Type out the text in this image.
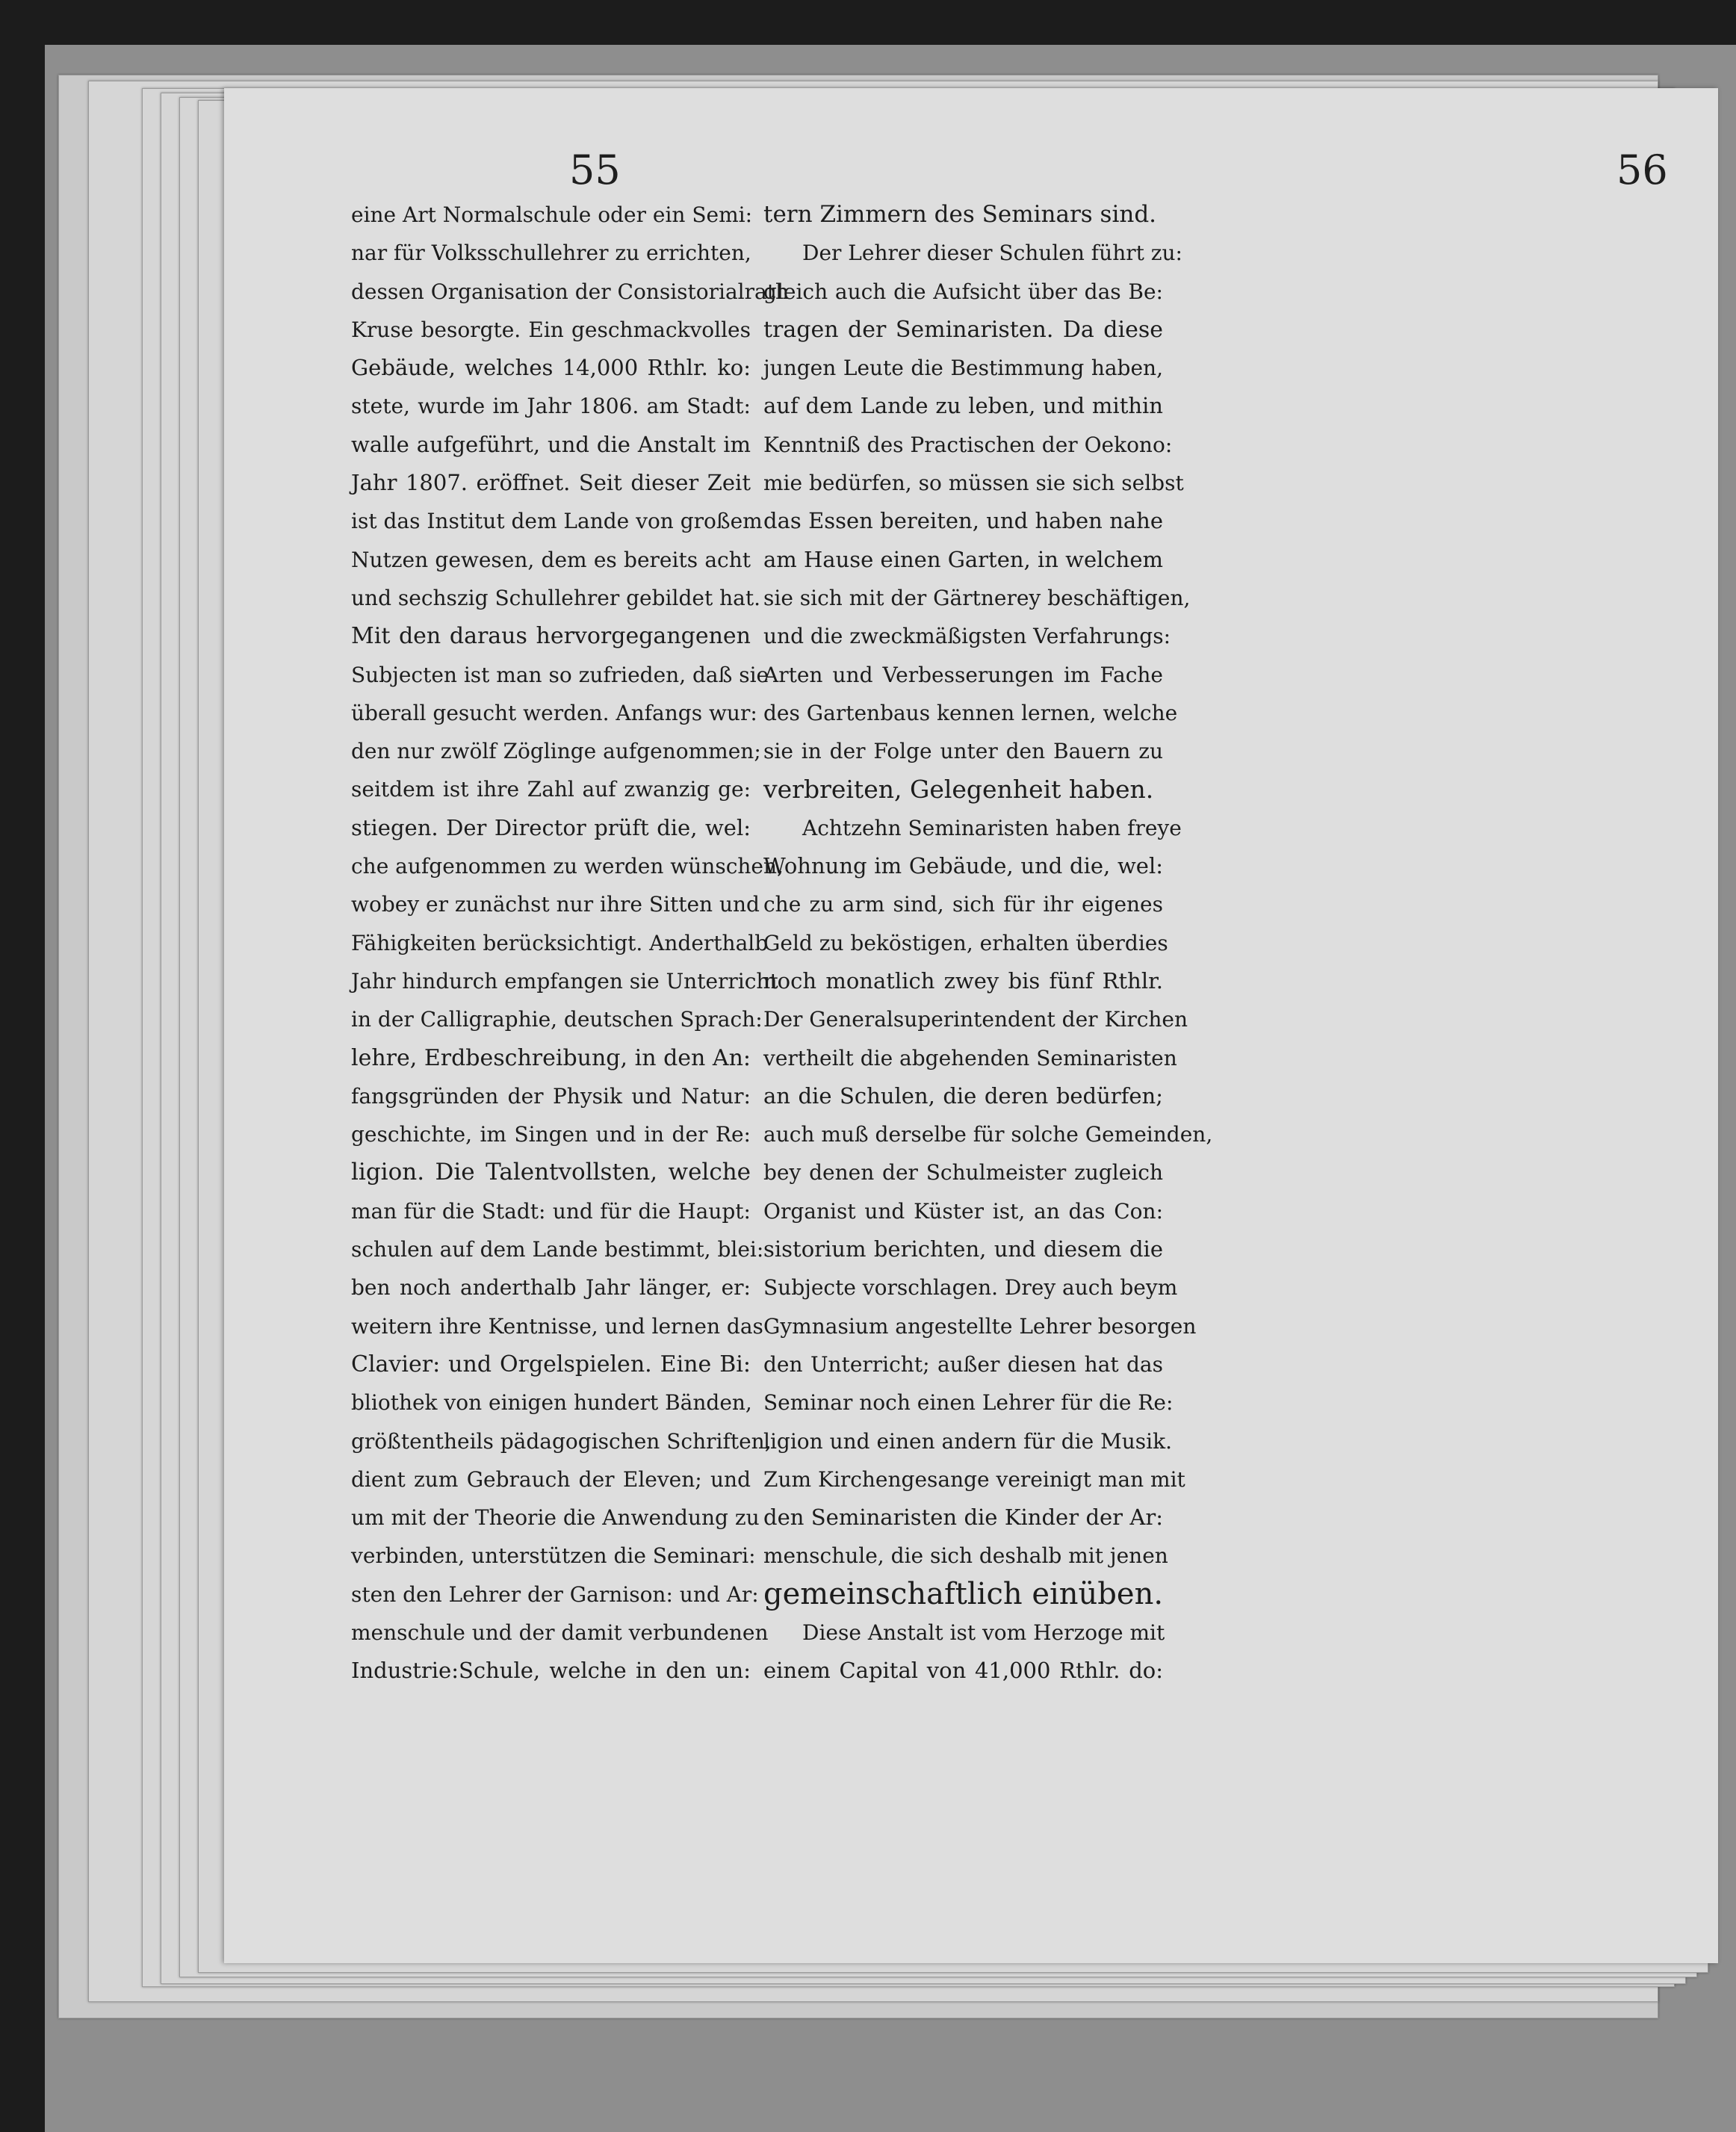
55	56
eine Art Normalschule oder ein Semi:
nar für Volksschullehrer zu errichten,
dessen Organisation der Consistorialrath
Kruse besorgte. Ein geschmackvolles
Gebäude, welches 14,000 Rthlr. ko:
stete, wurde im Jahr 1806. am Stadt:
walle aufgeführt, und die Anstalt im
Jahr 1807. eröffnet. Seit dieser Zeit
ist das Institut dem Lande von großem
Nutzen gewesen, dem es bereits acht
und sechszig Schullehrer gebildet hat.
Mit den daraus hervorgegangenen
Subjecten ist man so zufrieden, daß sie
überall gesucht werden. Anfangs wur:
den nur zwölf Zöglinge aufgenommen;
seitdem ist ihre Zahl auf zwanzig ge:
stiegen. Der Director prüft die, wel:
che aufgenommen zu werden wünschen,
wobey er zunächst nur ihre Sitten und
Fähigkeiten berücksichtigt. Anderthalb
Jahr hindurch empfangen sie Unterricht
in der Calligraphie, deutschen Sprach:
lehre, Erdbeschreibung, in den An:
fangsgründen der Physik und Natur:
geschichte, im Singen und in der Re:
ligion. Die Talentvollsten, welche
man für die Stadt: und für die Haupt:
schulen auf dem Lande bestimmt, blei:
ben noch anderthalb Jahr länger, er:
weitern ihre Kentnisse, und lernen das
Clavier: und Orgelspielen. Eine Bi:
bliothek von einigen hundert Bänden,
größtentheils pädagogischen Schriften,
dient zum Gebrauch der Eleven; und
um mit der Theorie die Anwendung zu
verbinden, unterstützen die Seminari:
sten den Lehrer der Garnison: und Ar:
menschule und der damit verbundenen
Industrie:Schule, welche in den un:
tern Zimmern des Seminars sind.
Der Lehrer dieser Schulen führt zu:
gleich auch die Aufsicht über das Be:
tragen der Seminaristen. Da diese
jungen Leute die Bestimmung haben,
auf dem Lande zu leben, und mithin
Kenntniß des Practischen der Oekono:
mie bedürfen, so müssen sie sich selbst
das Essen bereiten, und haben nahe
am Hause einen Garten, in welchem
sie sich mit der Gärtnerey beschäftigen,
und die zweckmäßigsten Verfahrungs:
Arten und Verbesserungen im Fache
des Gartenbaus kennen lernen, welche
sie in der Folge unter den Bauern zu
verbreiten, Gelegenheit haben.
Achtzehn Seminaristen haben freye
Wohnung im Gebäude, und die, wel:
che zu arm sind, sich für ihr eigenes
Geld zu beköstigen, erhalten überdies
noch monatlich zwey bis fünf Rthlr.
Der Generalsuperintendent der Kirchen
vertheilt die abgehenden Seminaristen
an die Schulen, die deren bedürfen;
auch muß derselbe für solche Gemeinden,
bey denen der Schulmeister zugleich
Organist und Küster ist, an das Con:
sistorium berichten, und diesem die
Subjecte vorschlagen. Drey auch beym
Gymnasium angestellte Lehrer besorgen
den Unterricht; außer diesen hat das
Seminar noch einen Lehrer für die Re:
ligion und einen andern für die Musik.
Zum Kirchengesange vereinigt man mit
den Seminaristen die Kinder der Ar:
menschule, die sich deshalb mit jenen
gemeinschaftlich einüben.
Diese Anstalt ist vom Herzoge mit
einem Capital von 41,000 Rthlr. do:
